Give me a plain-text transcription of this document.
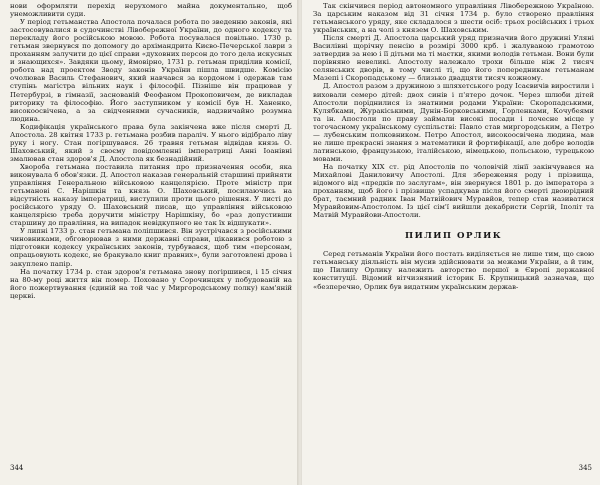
нови оформляти перехід нерухомого майна документально, щоб унеможливити суди.

У період гетьманства Апостола почалася робота по зведенню законів, які застосовувалися в судочинстві Лівобережної України, до одного кодексу та перекладу його російською мовою. Робота посувалася повільно. 1730 р. гетьман звернувся по допомогу до архімандрита Києво-Печерської лаври з проханням залучити до цієї справи «духовних персон до того дела искусных и знающихся». Завдяки цьому, ймовірно, 1731 р. гетьман приділив комісії, робота над проектом Зводу законів України пішла швидше. Комісію очолював Василь Стефанович, який навчався за кордоном і одержав там ступінь магістра вільних наук і філософії. Пізніше він працював у Петербурзі, в гімназії, заснованій Феофаном Прокоповичем, де викладав риторику та філософію. Його заступником у комісії був Н. Ханенко, високоосвічена, а за свідченнями сучасників, надзвичайно розумна людина.

Кодифікація українського права була закінчена вже після смерті Д. Апостола. 28 квітня 1733 р. гетьмана розбив параліч. У нього відібрало ліву руку і ногу. Стан погіршувався. 26 травня гетьман відвідав князь О. Шаховський, який з своєму повідомленні імператриці Анні Іоанівні змалював стан здоров'я Д. Апостола як безнадійний.

Хвороба гетьмана поставила питання про призначення особи, яка виконувала б обов'язки. Д. Апостол наказав генеральній старшині прийняти управління Генеральною військовою канцелярією. Проте міністр при гетьманові С. Нарішкін та князь О. Шаховський, посилаючись на відсутність наказу імператриці, виступили проти цього рішення. У листі до російського уряду О. Шаховський писав, що управління військовою канцелярією треба доручити міністру Нарішкіну, бо «раз допустивши старшину до правління, на випадок невідкупного не так їх відшукати».

У липні 1733 р. стан гетьмана поліпшився. Він зустрічався з російськими чиновниками, обговорював з ними державні справи, цікавився роботою з підготовки кодексу українських законів, турбувався, щоб тим «персонам, опрацьовують кодекс, не бракувало книг правних», були заготовлені дрова і закуплено папір.

На початку 1734 р. стан здоров'я гетьмана знову погіршився, і 15 січня на 80-му році життя він помер. Поховано у Сорочинцях у побудованій на його пожертвування (єдиній на той час у Миргородському полку) кам'яній церкві.

344

Так скінчився період автономного управління Лівобережною Україною. За царським наказом від 31 січня 1734 р. було створено правління гетьманського уряду, яке складалося з шести осіб: трьох російських і трьох українських, а на чолі з князем О. Шаховським.

Після смерті Д. Апостола царський уряд призначив його дружині Уляні Василівні щорічну пенсію в розмірі 3000 крб. і жалуваною грамотою затвердив за нею і її дітьми ма ті маєтки, якими володів гетьман. Вони були порівняно невеликі. Апостолу належало трохи більше ніж 2 тисяч селянських дворів, в тому числі ті, що його попередникам гетьманам Мазепі і Скоропадському — близько двадцяти тисяч кожному.

Д. Апостол разом з дружиною з шляхетського роду Ісаєвичів виростили і виховали семеро дітей: двох синів і п'ятеро дочок. Через шлюби дітей Апостоли поріднилися із знатними родами України: Скоропадськими, Кулябками, Журакіськими, Дунін-Борковськими, Горленками, Кочубеями та ін. Апостоли по праву займали високі посади і почесне місце у тогочасному українському суспільстві: Павло став миргородським, а Петро — лубенським полковником. Петро Апостол, високоосвічена людина, мав не лише прекрасні знання з математики й фортифікації, але добре володів латинською, французькою, італійською, німецькою, польською, турецькою мовами.

На початку XIX ст. рід Апостолів по чоловічій лінії закінчувався на Михайлові Даниловичу Апостолі. Для збереження роду і прізвища, відомого від «предків по заслугам», він звернувся 1801 р. до імператора з проханням, щоб його і прізвище успадкував після його смерті двоюрідний брат, таємний радник Іван Матвійович Муравйов, тепер став називатися Муравйовим-Апостолом. Із цієї сім'ї вийшли декабристи Сергій, Іполіт та Матвій Муравйови-Апостоли.

ПИЛИП ОРЛИК

Серед гетьманів України його постать виділяється не лише тим, що свою гетьманську діяльність він мусив здійснювати за межами України, а й тим, що Пилипу Орлику належить авторство першої в Європі державної конституції. Відомий вітчизняний історик Б. Крупницький зазначав, що «безперечно, Орлик був видатним українським держав-

345
